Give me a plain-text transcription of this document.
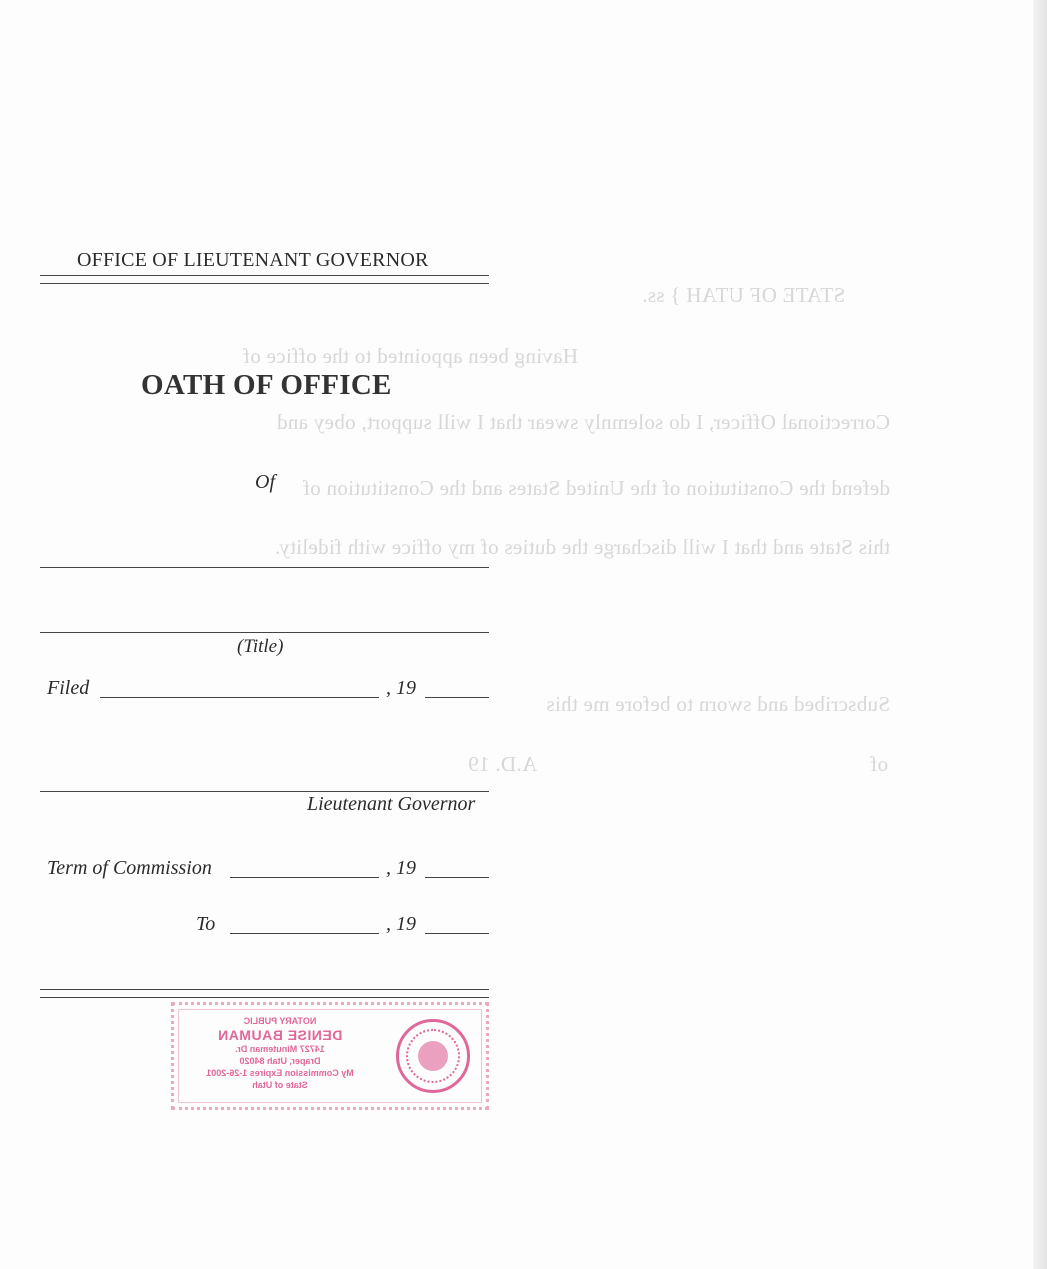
STATE OF UTAH } ss.
Having been appointed to the office of
Correctional Officer, I do solemnly swear that I will support, obey and
defend the Constitution of the United States and the Constitution of
this State and that I will discharge the duties of my office with fidelity.
Subscribed and sworn to before me this
of
A.D. 19
OFFICE OF LIEUTENANT GOVERNOR
OATH OF OFFICE
Of
(Title)
Filed	, 19
Lieutenant Governor
Term of Commission	, 19
To	, 19
NOTARY PUBLIC
DENISE BAUMAN
14727 Minuteman Dr.
Draper, Utah 84020
My Commission Expires 1-26-2001
State of Utah
